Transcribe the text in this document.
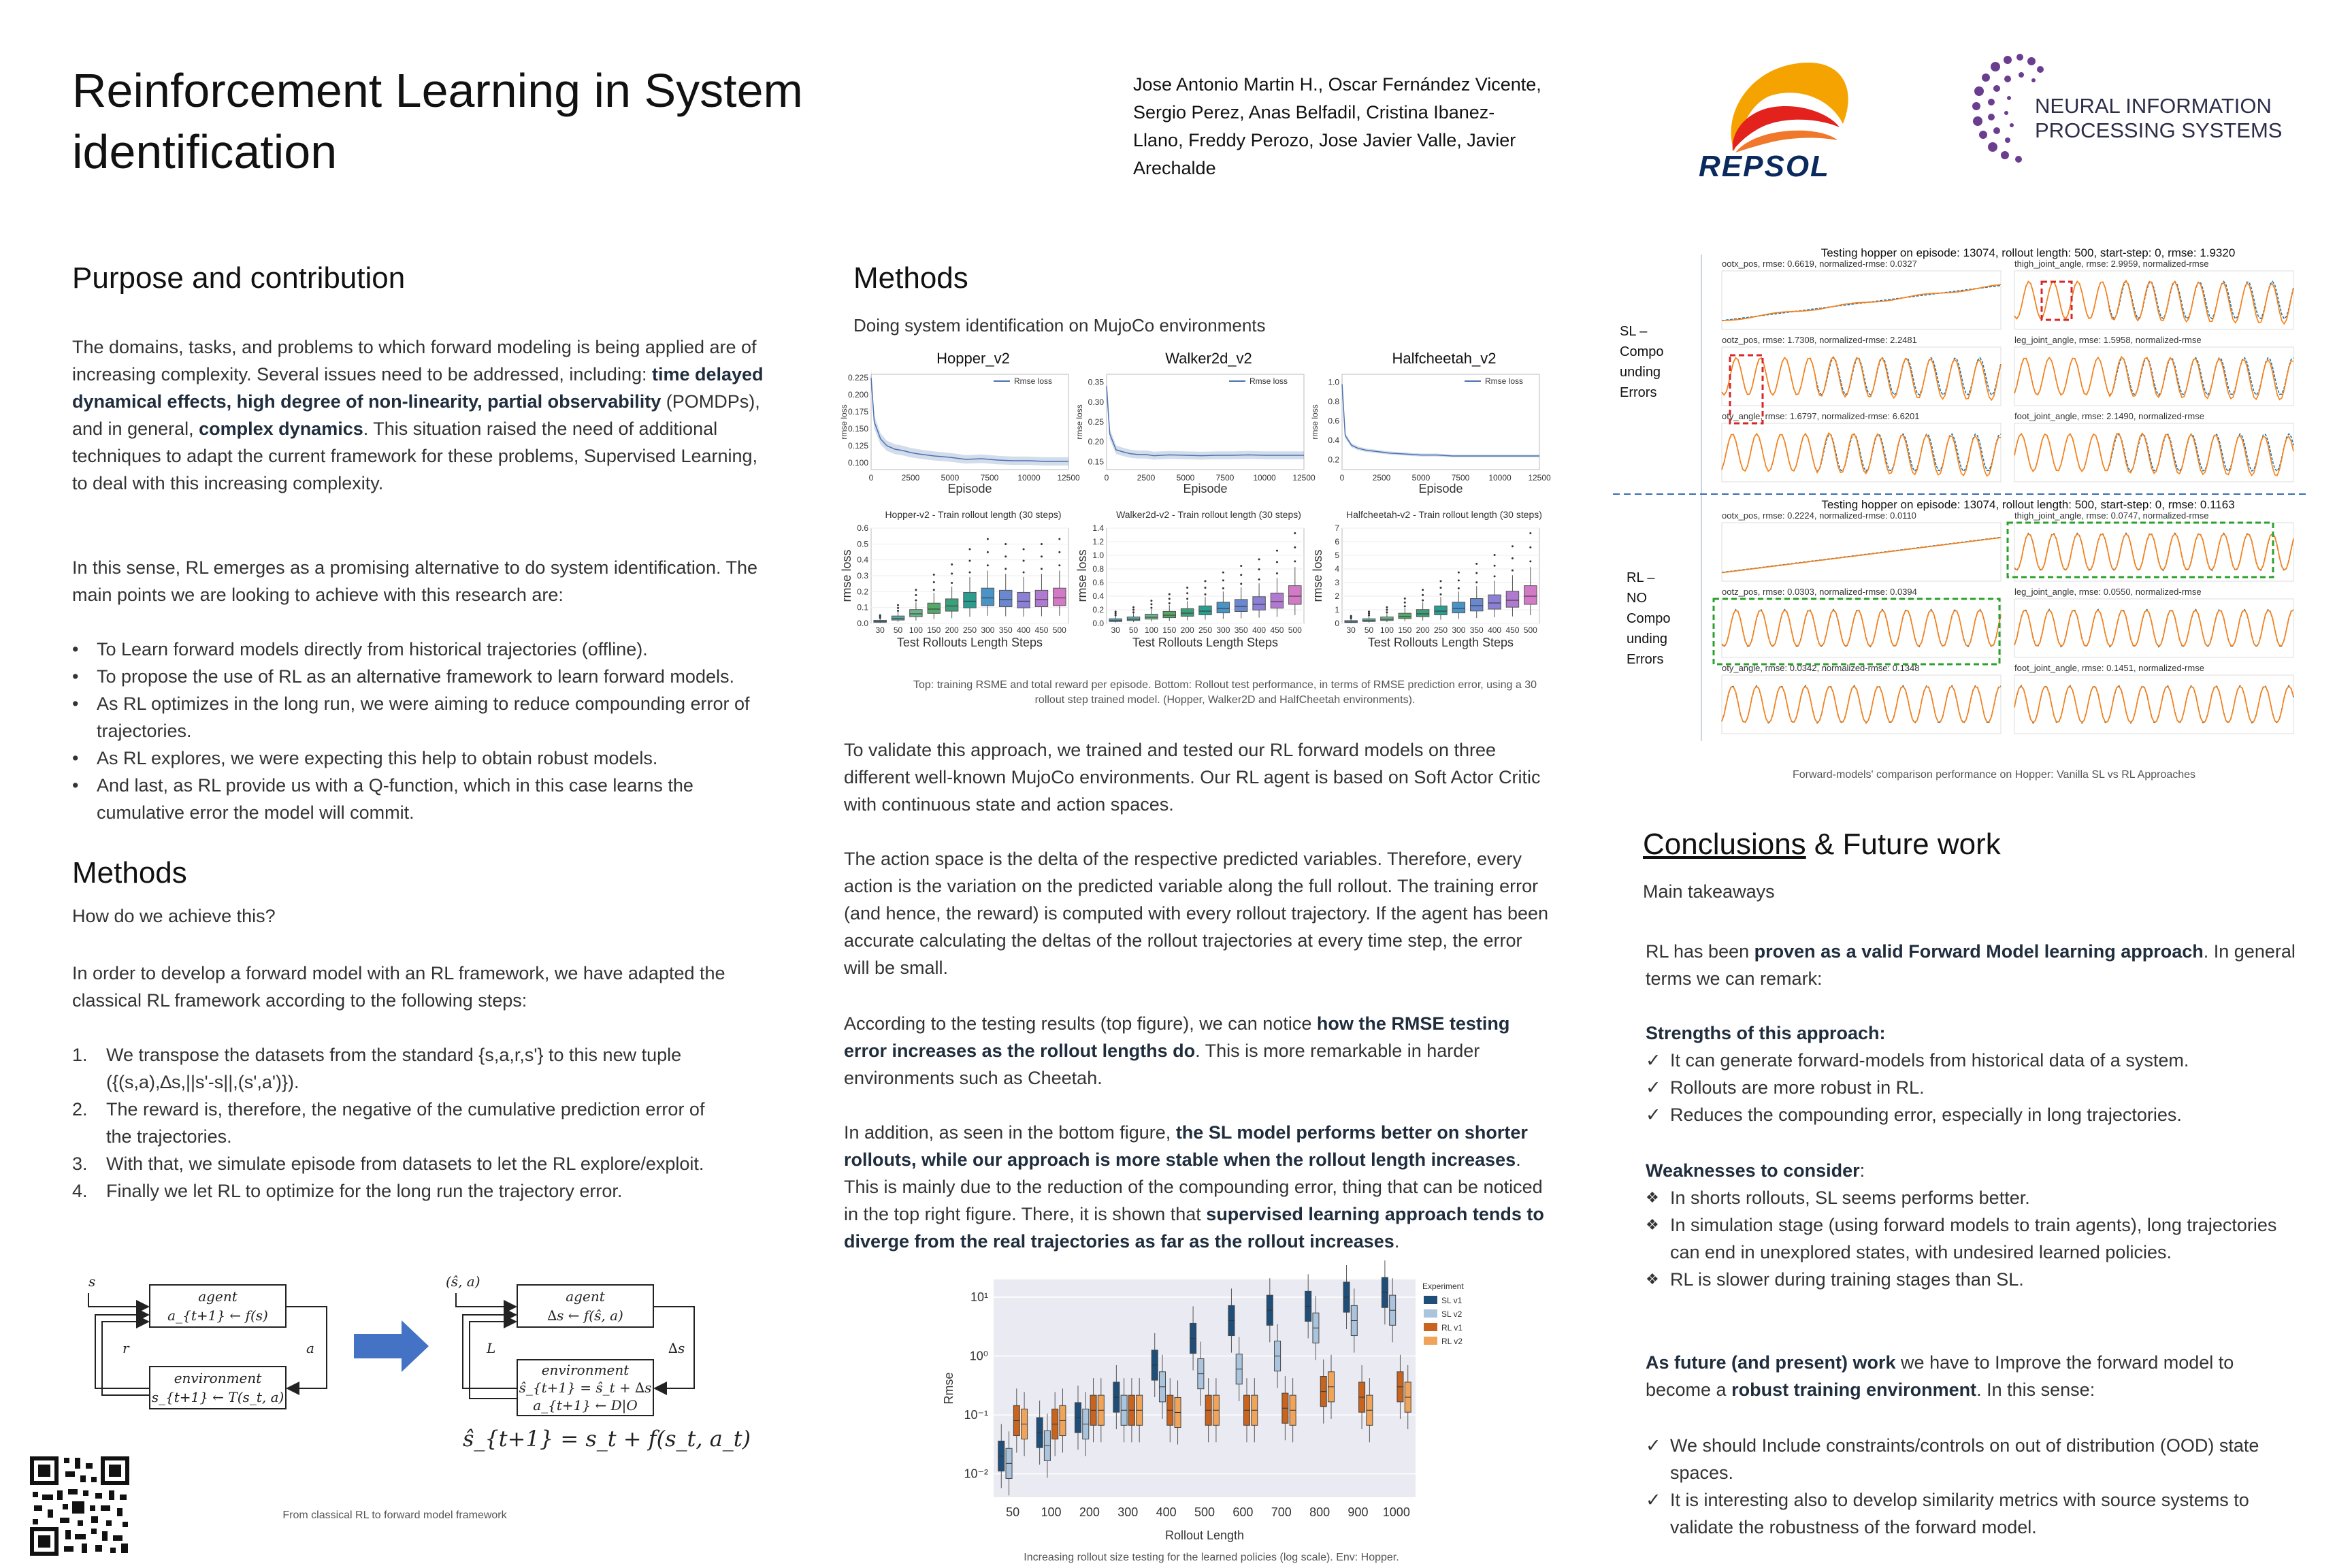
Reinforcement Learning in System
identification
Jose Antonio Martin H., Oscar Fernández Vicente,
Sergio Perez, Anas Belfadil, Cristina Ibanez-
Llano, Freddy Perozo, Jose Javier Valle, Javier
Arechalde	REPSOL
NEURAL INFORMATION
PROCESSING SYSTEMS
Purpose and contribution
The domains, tasks, and problems to which forward modeling is being applied are of increasing complexity. Several issues need to be addressed, including: time delayed dynamical effects, high degree of non-linearity, partial observability (POMDPs), and in general, complex dynamics. This situation raised the need of additional techniques to adapt the current framework for these problems, Supervised Learning, to deal with this increasing complexity.
In this sense, RL emerges as a promising alternative to do system identification. The main points we are looking to achieve with this research are:
• To Learn forward models directly from historical trajectories (offline).
• To propose the use of RL as an alternative framework to learn forward models.
• As RL optimizes in the long run, we were aiming to reduce compounding error of trajectories.
• As RL explores, we were expecting this help to obtain robust models.
• And last, as RL provide us with a Q-function, which in this case learns the cumulative error the model will commit.
Methods
How do we achieve this?
In order to develop a forward model with an RL framework, we have adapted the classical RL framework according to the following steps:
1. We transpose the datasets from the standard {s,a,r,s'} to this new tuple ({(s,a),∆s,||s'-s||,(s',a')}).
2. The reward is, therefore, the negative of the cumulative prediction error of the trajectories.
3. With that, we simulate episode from datasets to let the RL explore/exploit.
4. Finally we let RL to optimize for the long run the trajectory error.
s
agent
a_{t+1} ← f(s)
environment
s_{t+1} ← T(s_t, a)
r	a
(ŝ, a)
agent
∆s ← f(ŝ, a)
environment
ŝ_{t+1} = ŝ_t + ∆s
a_{t+1} ← D|O
L	∆s
ŝ_{t+1} = s_t + f(s_t, a_t)
From classical RL to forward model framework
Methods
Doing system identification on MujoCo environments
Hopper_v2	Walker2d_v2	Halfcheetah_v2
0.100
0.125
0.150
0.175
0.200
0.225
0	2500	5000	7500 10000 12500
Episode
rmse loss
Rmse loss
0.15
0.20
0.25
0.30
0.35
0	2500	5000	7500 10000 12500
Episode
rmse loss
Rmse loss
0.2
0.4
0.6
0.8
1.0
0	2500	5000	7500 10000 12500
Episode
rmse loss
Rmse loss
Hopper-v2 - Train rollout length (30 steps)	Walker2d-v2 - Train rollout length (30 steps)	Halfcheetah-v2 - Train rollout length (30 steps)
0.0
0.1
0.2
0.3
0.4
0.5
0.6
30 50 100 150 200 250 300 350 400 450 500
Test Rollouts Length Steps
rmse loss
0.0
0.2
0.4
0.6
0.8
1.0
1.2
1.4
30 50 100 150 200 250 300 350 400 450 500
Test Rollouts Length Steps
rmse loss
0
1
2
3
4
5
6
7
30 50 100 150 200 250 300 350 400 450 500
Test Rollouts Length Steps
rmse loss
Top: training RSME and total reward per episode. Bottom: Rollout test performance, in terms of RMSE prediction error, using a 30 rollout step trained model. (Hopper, Walker2D and HalfCheetah environments).
To validate this approach, we trained and tested our RL forward models on three different well-known MujoCo environments. Our RL agent is based on Soft Actor Critic with continuous state and action spaces.
The action space is the delta of the respective predicted variables. Therefore, every action is the variation on the predicted variable along the full rollout. The training error (and hence, the reward) is computed with every rollout trajectory. If the agent has been accurate calculating the deltas of the rollout trajectories at every time step, the error will be small.
According to the testing results (top figure), we can notice how the RMSE testing error increases as the rollout lengths do. This is more remarkable in harder environments such as Cheetah.
In addition, as seen in the bottom figure, the SL model performs better on shorter rollouts, while our approach is more stable when the rollout length increases. This is mainly due to the reduction of the compounding error, thing that can be noticed in the top right figure. There, it is shown that supervised learning approach tends to diverge from the real trajectories as far as the rollout increases.
10⁻²
10⁻¹
10⁰
10¹
50 100 200 300 400 500 600 700 800 900 1000
Rollout Length
Rmse
Experiment
SL v1
SL v2
RL v1
RL v2
Increasing rollout size testing for the learned policies (log scale). Env: Hopper.
SL –
Compo
unding
Errors
RL –
NO
Compo
unding
Errors
Testing hopper on episode: 13074, rollout length: 500, start-step: 0, rmse: 1.9320
Testing hopper on episode: 13074, rollout length: 500, start-step: 0, rmse: 0.1163
ootx_pos, rmse: 0.6619, normalized-rmse: 0.0327	thigh_joint_angle, rmse: 2.9959, normalized-rmse
ootz_pos, rmse: 1.7308, normalized-rmse: 2.2481	leg_joint_angle, rmse: 1.5958, normalized-rmse
oty_angle, rmse: 1.6797, normalized-rmse: 6.6201	foot_joint_angle, rmse: 2.1490, normalized-rmse
ootx_pos, rmse: 0.2224, normalized-rmse: 0.0110	thigh_joint_angle, rmse: 0.0747, normalized-rmse
ootz_pos, rmse: 0.0303, normalized-rmse: 0.0394	leg_joint_angle, rmse: 0.0550, normalized-rmse
oty_angle, rmse: 0.0342, normalized-rmse: 0.1348	foot_joint_angle, rmse: 0.1451, normalized-rmse
Forward-models' comparison performance on Hopper: Vanilla SL vs RL Approaches
Conclusions & Future work
Main takeaways
RL has been proven as a valid Forward Model learning approach. In general terms we can remark:
Strengths of this approach:
✓ It can generate forward-models from historical data of a system.
✓ Rollouts are more robust in RL.
✓ Reduces the compounding error, especially in long trajectories.
Weaknesses to consider:
❖ In shorts rollouts, SL seems performs better.
❖ In simulation stage (using forward models to train agents), long trajectories can end in unexplored states, with undesired learned policies.
❖ RL is slower during training stages than SL.
As future (and present) work we have to Improve the forward model to become a robust training environment. In this sense:
✓ We should Include constraints/controls on out of distribution (OOD) state spaces.
✓ It is interesting also to develop similarity metrics with source systems to validate the robustness of the forward model.
